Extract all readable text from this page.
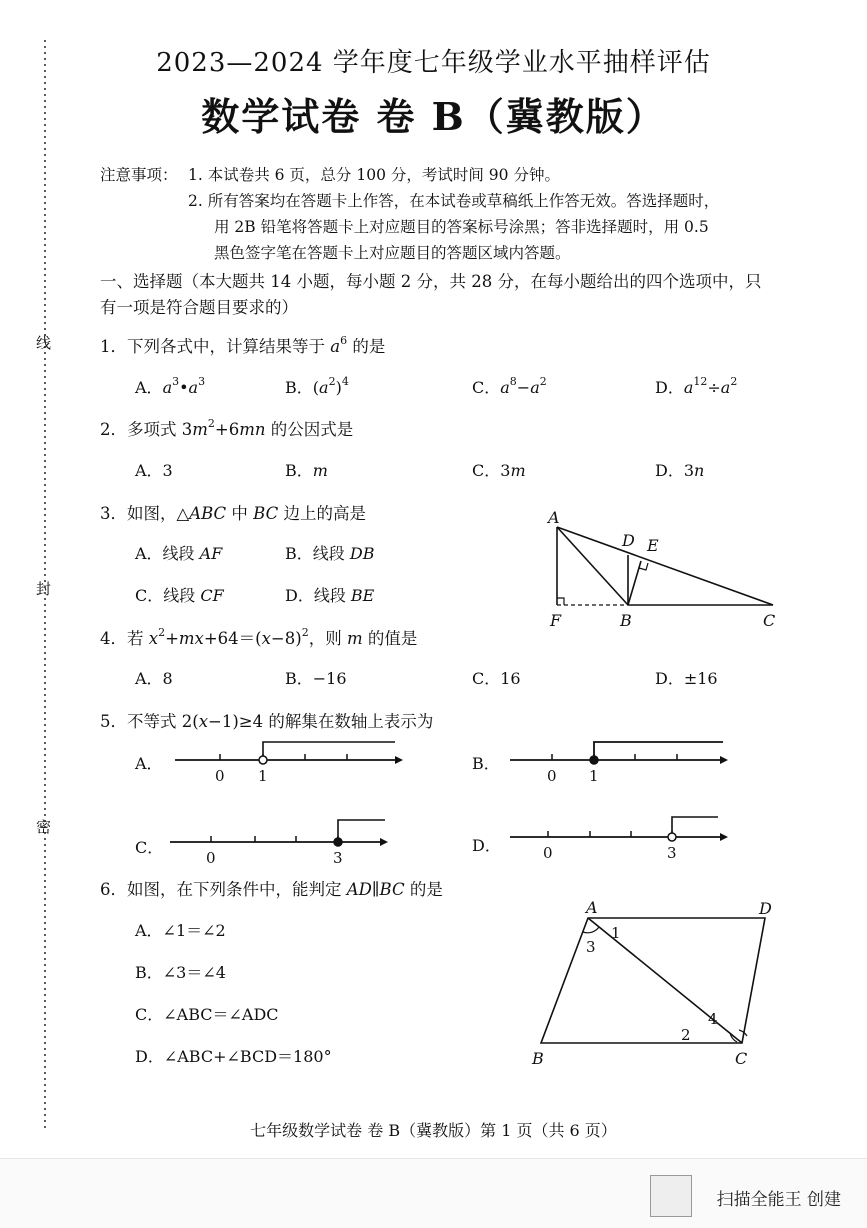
线
封
密
2023—2024 学年度七年级学业水平抽样评估
数学试卷 卷 B（冀教版）
注意事项： 1. 本试卷共 6 页，总分 100 分，考试时间 90 分钟。
2. 所有答案均在答题卡上作答，在本试卷或草稿纸上作答无效。答选择题时，
用 2B 铅笔将答题卡上对应题目的答案标号涂黑；答非选择题时，用 0.5
黑色签字笔在答题卡上对应题目的答题区域内答题。
一、选择题（本大题共 14 小题，每小题 2 分，共 28 分，在每小题给出的四个选项中，只
有一项是符合题目要求的）
1．下列各式中，计算结果等于 $a^6$ 的是
A．$a^3•a^3$	B．$(a^2)^4$	C．$a^8-a^2$	D．$a^{12}\div a^2$
2．多项式 $3m^2+6mn$ 的公因式是
A．3	B．m	C．3m	D．3n
3．如图，△ABC 中 BC 边上的高是
A．线段 AF	B．线段 DB
C．线段 CF	D．线段 BE
A
D E
F	B	C
4．若 $x^2+mx+64=(x-8)^2$，则 m 的值是
A．8	B．−16	C．16	D．±16
5．不等式 2(x−1)≥4 的解集在数轴上表示为
A．
0 1
B．
0 1
C．
0	3
D．	0	3
6．如图，在下列条件中，能判定 AD∥BC 的是
A．∠1＝∠2
B．∠3＝∠4
C．∠ABC＝∠ADC
D．∠ABC+∠BCD＝180°
A	D
B	C
1
3
2
4
七年级数学试卷 卷 B（冀教版）第 1 页（共 6 页）
扫描全能王 创建
